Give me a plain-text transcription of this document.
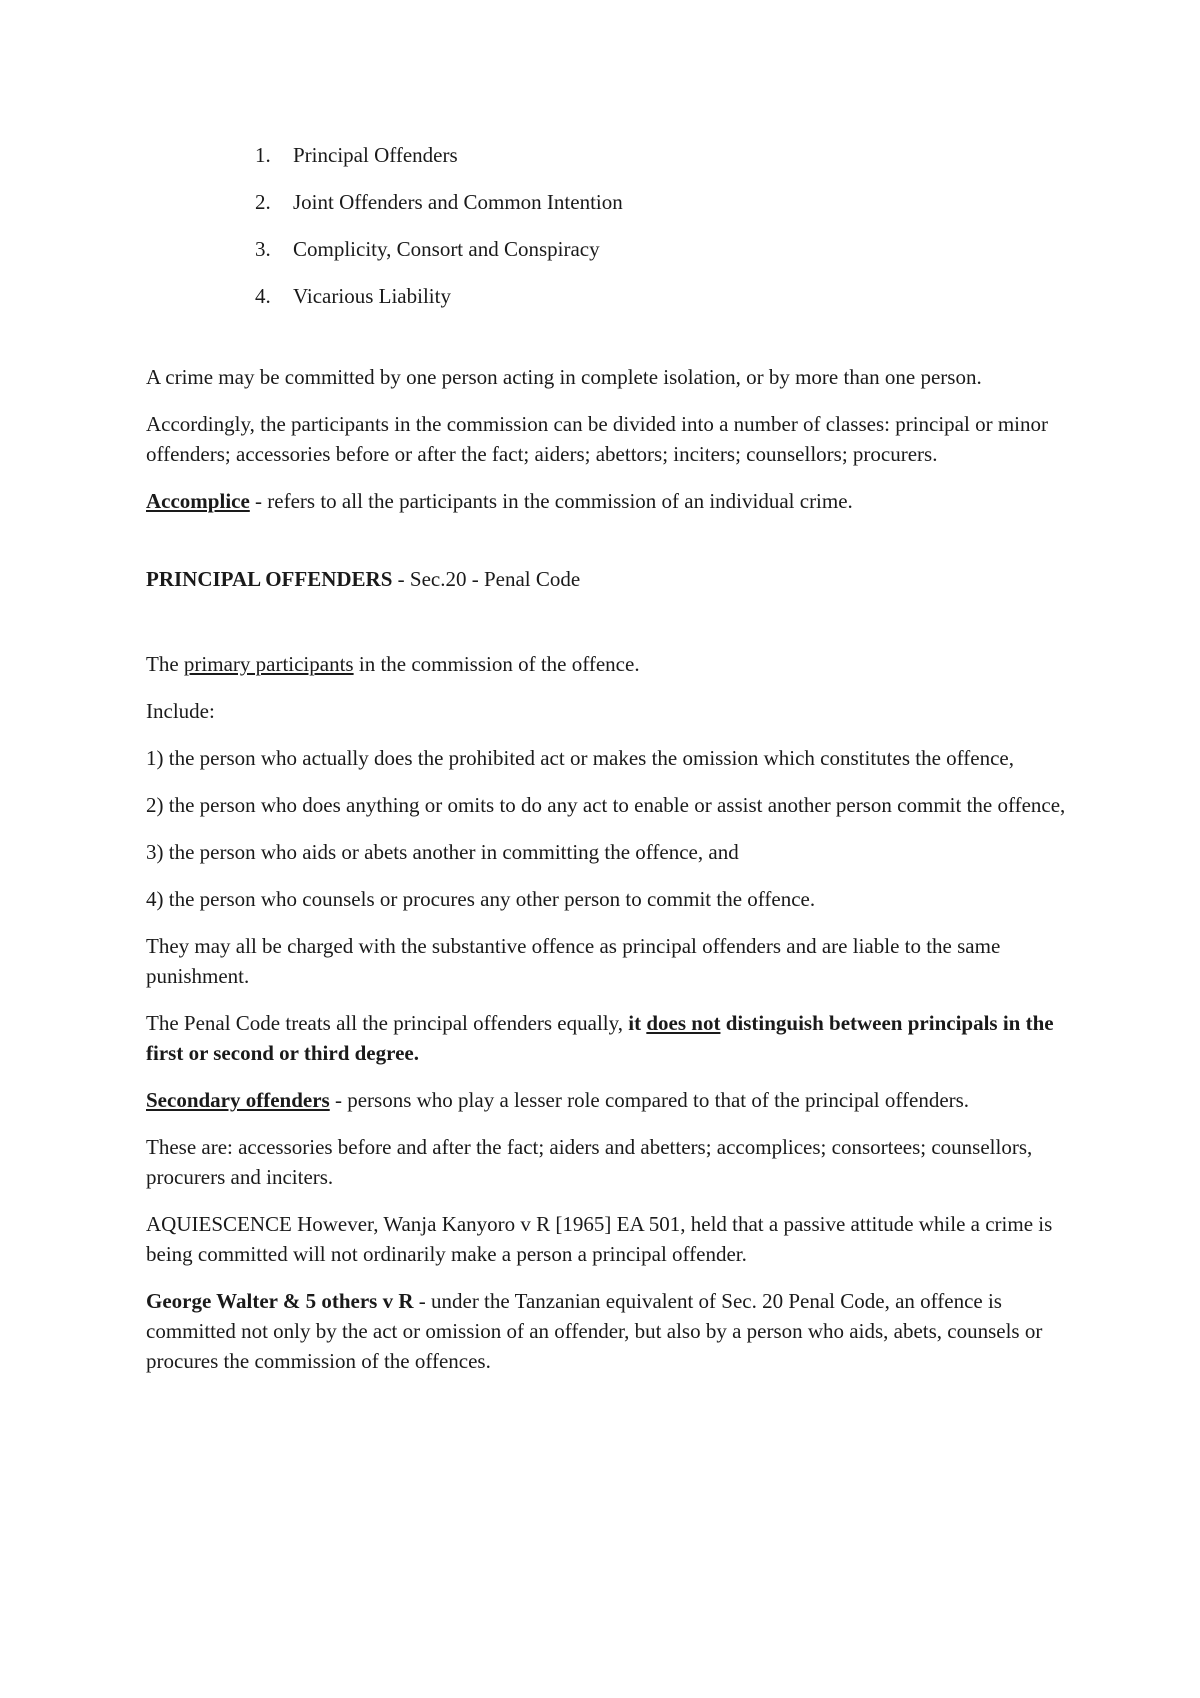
1.	Principal Offenders
2.	Joint Offenders and Common Intention
3.	Complicity, Consort and Conspiracy
4.	Vicarious Liability

A crime may be committed by one person acting in complete isolation, or by more than one person.

Accordingly, the participants in the commission can be divided into a number of classes: principal or minor offenders; accessories before or after the fact; aiders; abettors; inciters; counsellors; procurers.

Accomplice - refers to all the participants in the commission of an individual crime.

PRINCIPAL OFFENDERS - Sec.20 - Penal Code

The primary participants in the commission of the offence.

Include:

1) the person who actually does the prohibited act or makes the omission which constitutes the offence,

2) the person who does anything or omits to do any act to enable or assist another person commit the offence,

3) the person who aids or abets another in committing the offence, and

4) the person who counsels or procures any other person to commit the offence.

They may all be charged with the substantive offence as principal offenders and are liable to the same punishment.

The Penal Code treats all the principal offenders equally, it does not distinguish between principals in the first or second or third degree.

Secondary offenders - persons who play a lesser role compared to that of the principal offenders.

These are: accessories before and after the fact; aiders and abetters; accomplices; consortees; counsellors, procurers and inciters.

AQUIESCENCE However, Wanja Kanyoro v R [1965] EA 501, held that a passive attitude while a crime is being committed will not ordinarily make a person a principal offender.

George Walter & 5 others v R - under the Tanzanian equivalent of Sec. 20 Penal Code, an offence is committed not only by the act or omission of an offender, but also by a person who aids, abets, counsels or procures the commission of the offences.
